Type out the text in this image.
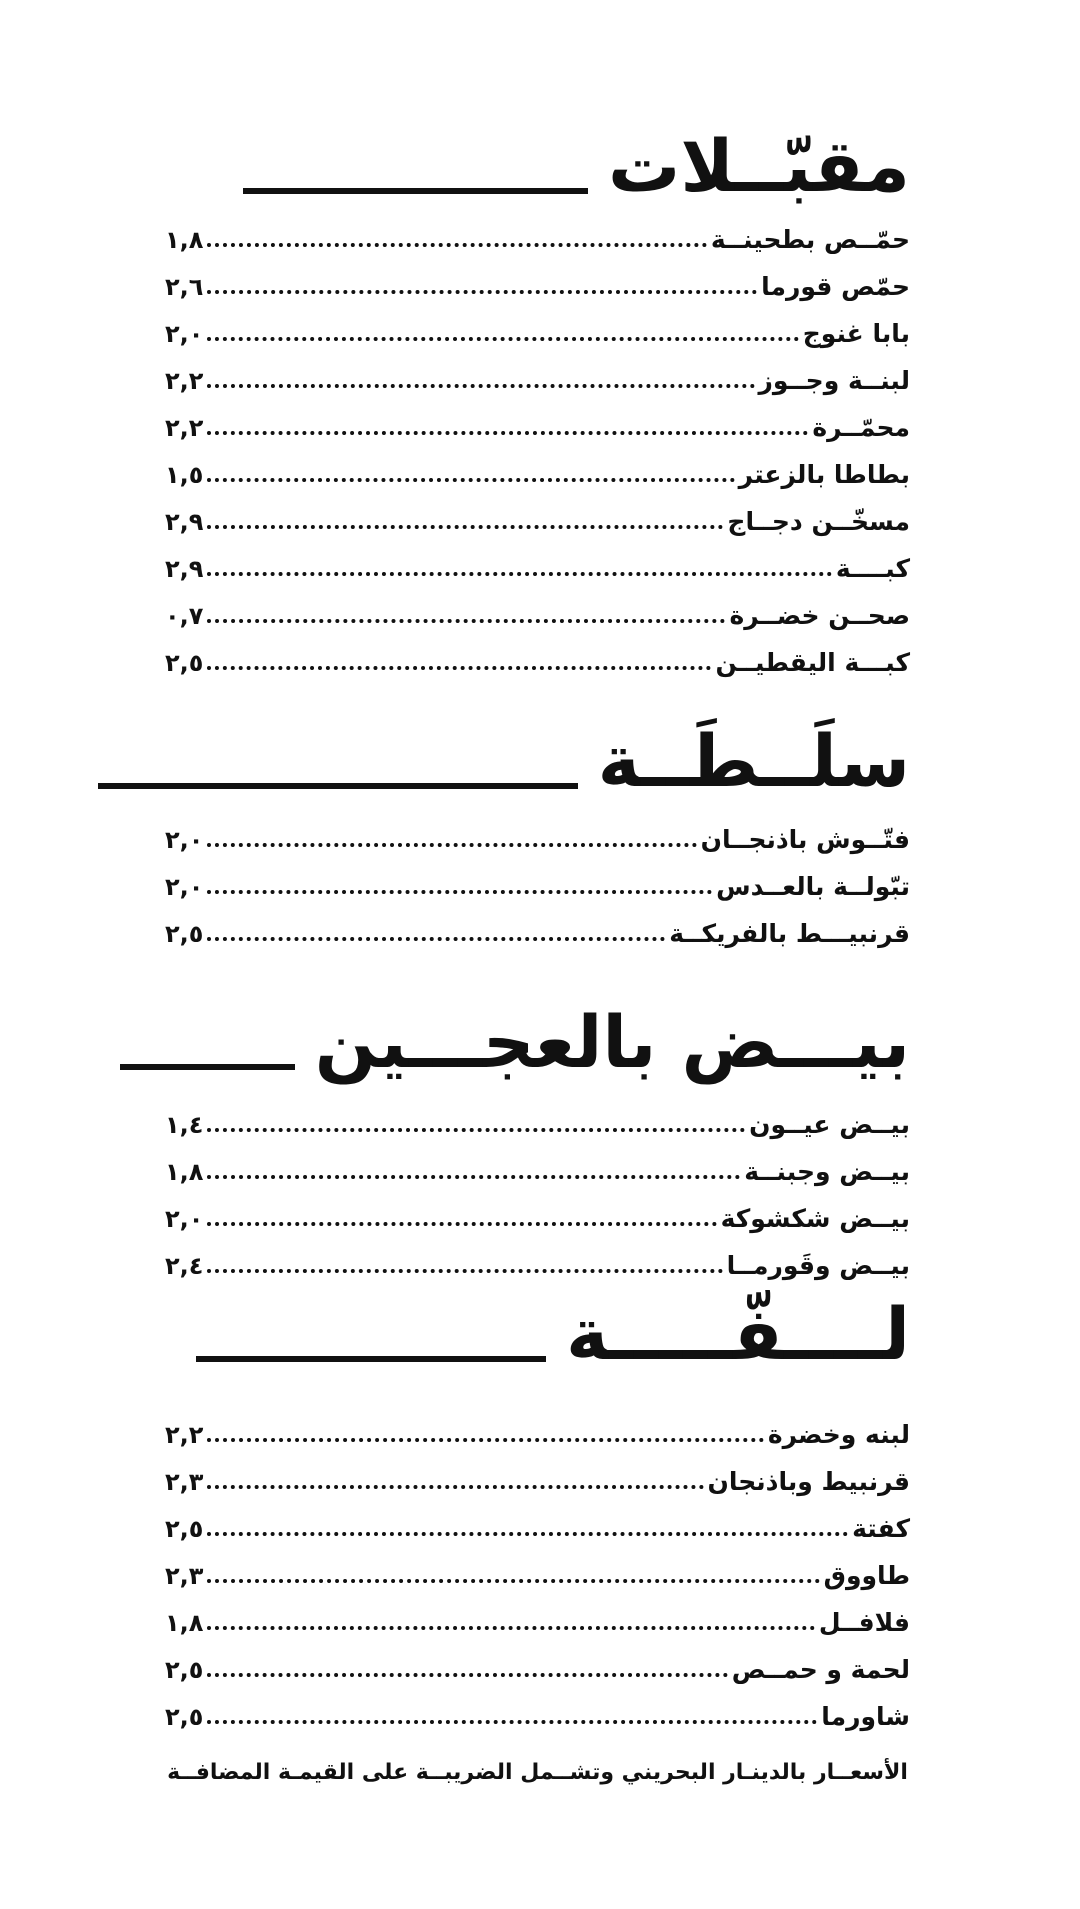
مقبّــلات
حمّــص بطحينــة
١,٨
حمّص قورما
٢,٦
بابا غنوج
٢,٠
لبنــة وجــوز
٢,٢
محمّــرة
٢,٢
بطاطا بالزعتر
١,٥
مسخّــن دجــاج
٢,٩
كبــــة
٢,٩
صحــن خضــرة
٠,٧
كبـــة اليقطيــن
٢,٥
سلَــطَــة
فتّــوش باذنجــان
٢,٠
تبّولــة بالعــدس
٢,٠
قرنبيـــط بالفريكــة
٢,٥
بيـــض بالعجـــين
بيــض عيــون
١,٤
بيــض وجبنــة
١,٨
بيــض شكشوكة
٢,٠
بيــض وقَورمــا
٢,٤
لــــفّـــــة
لبنه وخضرة
٢,٢
قرنبيط وباذنجان
٢,٣
كفتة
٢,٥
طاووق
٢,٣
فلافــل
١,٨
لحمة و حمــص
٢,٥
شاورما
٢,٥
الأسعــار بالدينـار البحريني وتشــمل الضريبــة على القيمـة المضافــة
